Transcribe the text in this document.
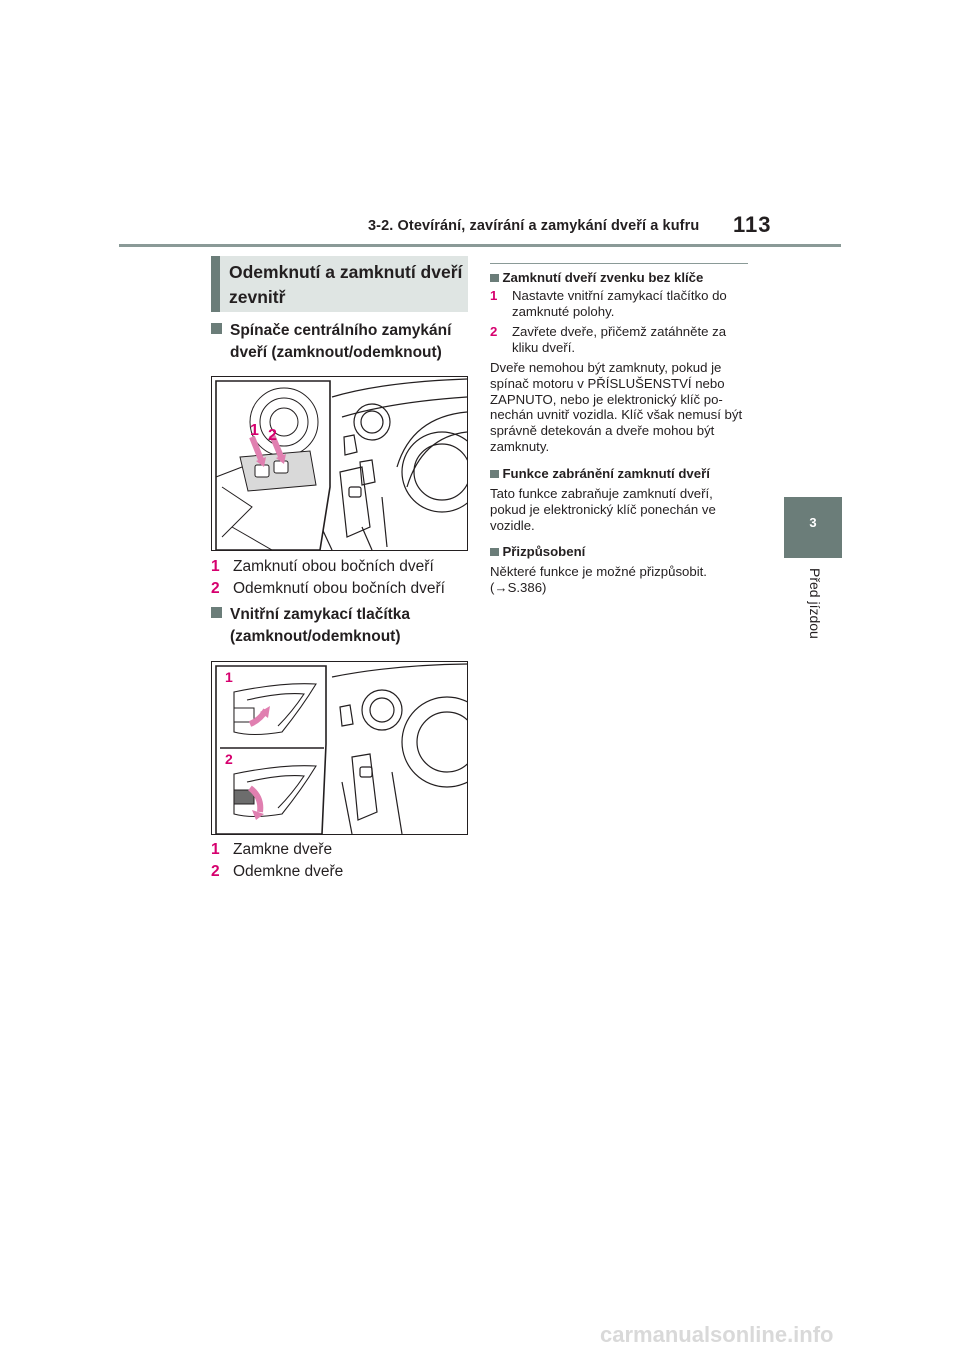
3-2. Otevírání, zavírání a zamykání dveří a kufru 113
3
Před jízdou
Odemknutí a zamknutí dveří
zevnitř
Spínače centrálního zamykání
dveří (zamknout/odemknout)
1 2
1 Zamknutí obou bočních dveří
2 Odemknutí obou bočních dveří
Vnitřní zamykací tlačítka
(zamknout/odemknout)
1
2
1 Zamkne dveře
2 Odemkne dveře
Zamknutí dveří zvenku bez klíče
1 Nastavte vnitřní zamykací tlačítko do zamknuté polohy.
2 Zavřete dveře, přičemž zatáhněte za kliku dveří.
Dveře nemohou být zamknuty, pokud je spínač motoru v PŘÍSLUŠENSTVÍ nebo ZAPNUTO, nebo je elektronický klíč po- nechán uvnitř vozidla. Klíč však nemusí být správně detekován a dveře mohou být zamknuty.
Funkce zabránění zamknutí dveří
Tato funkce zabraňuje zamknutí dveří, pokud je elektronický klíč ponechán ve vozidle.
Přizpůsobení
Některé funkce je možné přizpůsobit.
(→S.386)
carmanualsonline.info
